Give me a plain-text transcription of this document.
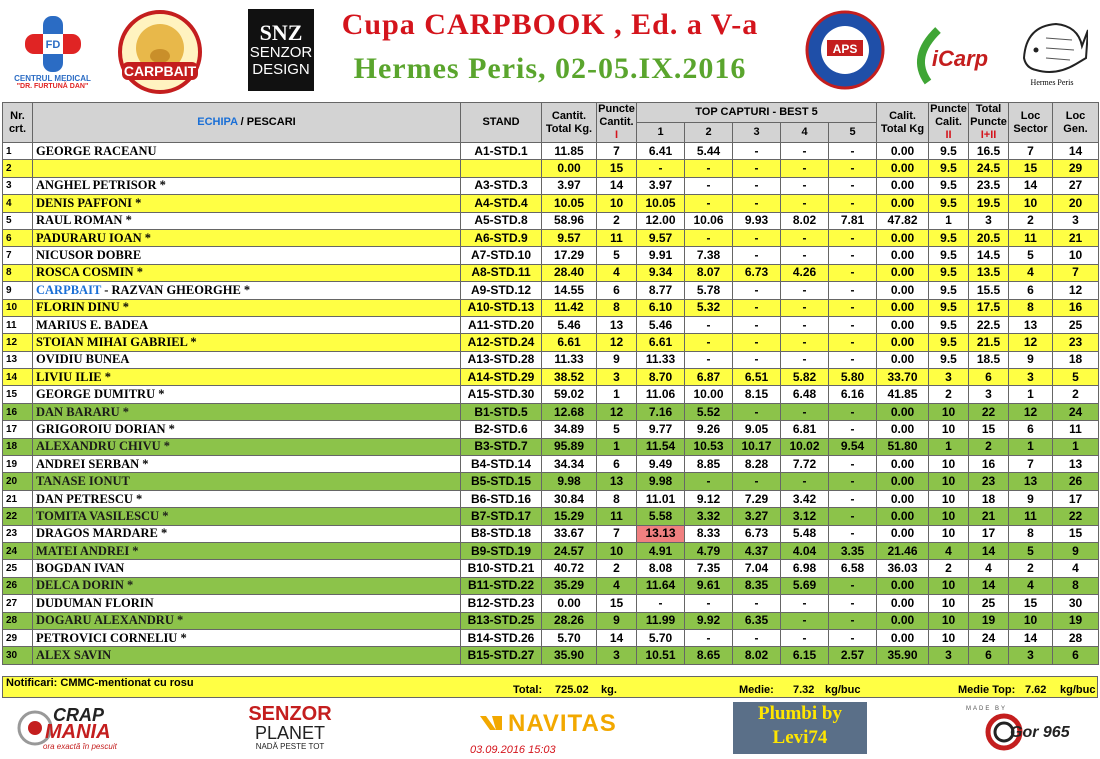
FD
CENTRUL MEDICAL
"DR. FURTUNĂ DAN"
CARPBAIT
SNZ
SENZOR
DESIGN
Cupa CARPBOOK , Ed. a V-a
Hermes Peris, 02-05.IX.2016
APS	iCarp
Hermes Peris
Nr. crt.	ECHIPA / PESCARI	STAND	Cantit. Total Kg.	Puncte Cantit.
I	TOP CAPTURI - BEST 5					Calit. Total Kg	Puncte Calit.
II	Total Puncte
I+II	Loc Sector	Loc Gen.
					1	2	3	4	5					
1	GEORGE RACEANU	A1-STD.1	11.85	7	6.41	5.44	-	-	-	0.00	9.5	16.5	7	14
2			0.00	15	-	-	-	-	-	0.00	9.5	24.5	15	29
3	ANGHEL PETRISOR *	A3-STD.3	3.97	14	3.97	-	-	-	-	0.00	9.5	23.5	14	27
4	DENIS PAFFONI *	A4-STD.4	10.05	10	10.05	-	-	-	-	0.00	9.5	19.5	10	20
5	RAUL ROMAN *	A5-STD.8	58.96	2	12.00	10.06	9.93	8.02	7.81	47.82	1	3	2	3
6	PADURARU IOAN *	A6-STD.9	9.57	11	9.57	-	-	-	-	0.00	9.5	20.5	11	21
7	NICUSOR DOBRE	A7-STD.10	17.29	5	9.91	7.38	-	-	-	0.00	9.5	14.5	5	10
8	ROSCA COSMIN *	A8-STD.11	28.40	4	9.34	8.07	6.73	4.26	-	0.00	9.5	13.5	4	7
9	CARPBAIT - RAZVAN GHEORGHE *	A9-STD.12	14.55	6	8.77	5.78	-	-	-	0.00	9.5	15.5	6	12
10	FLORIN DINU *	A10-STD.13	11.42	8	6.10	5.32	-	-	-	0.00	9.5	17.5	8	16
11	MARIUS E. BADEA	A11-STD.20	5.46	13	5.46	-	-	-	-	0.00	9.5	22.5	13	25
12	STOIAN MIHAI GABRIEL *	A12-STD.24	6.61	12	6.61	-	-	-	-	0.00	9.5	21.5	12	23
13	OVIDIU BUNEA	A13-STD.28	11.33	9	11.33	-	-	-	-	0.00	9.5	18.5	9	18
14	LIVIU ILIE *	A14-STD.29	38.52	3	8.70	6.87	6.51	5.82	5.80	33.70	3	6	3	5
15	GEORGE DUMITRU *	A15-STD.30	59.02	1	11.06	10.00	8.15	6.48	6.16	41.85	2	3	1	2
16	DAN BARARU *	B1-STD.5	12.68	12	7.16	5.52	-	-	-	0.00	10	22	12	24
17	GRIGOROIU DORIAN *	B2-STD.6	34.89	5	9.77	9.26	9.05	6.81	-	0.00	10	15	6	11
18	ALEXANDRU CHIVU *	B3-STD.7	95.89	1	11.54	10.53	10.17	10.02	9.54	51.80	1	2	1	1
19	ANDREI SERBAN *	B4-STD.14	34.34	6	9.49	8.85	8.28	7.72	-	0.00	10	16	7	13
20	TANASE IONUT	B5-STD.15	9.98	13	9.98	-	-	-	-	0.00	10	23	13	26
21	DAN PETRESCU *	B6-STD.16	30.84	8	11.01	9.12	7.29	3.42	-	0.00	10	18	9	17
22	TOMITA VASILESCU *	B7-STD.17	15.29	11	5.58	3.32	3.27	3.12	-	0.00	10	21	11	22
23	DRAGOS MARDARE *	B8-STD.18	33.67	7	13.13	8.33	6.73	5.48	-	0.00	10	17	8	15
24	MATEI ANDREI *	B9-STD.19	24.57	10	4.91	4.79	4.37	4.04	3.35	21.46	4	14	5	9
25	BOGDAN IVAN	B10-STD.21	40.72	2	8.08	7.35	7.04	6.98	6.58	36.03	2	4	2	4
26	DELCA DORIN *	B11-STD.22	35.29	4	11.64	9.61	8.35	5.69	-	0.00	10	14	4	8
27	DUDUMAN FLORIN	B12-STD.23	0.00	15	-	-	-	-	-	0.00	10	25	15	30
28	DOGARU ALEXANDRU *	B13-STD.25	28.26	9	11.99	9.92	6.35	-	-	0.00	10	19	10	19
29	PETROVICI CORNELIU *	B14-STD.26	5.70	14	5.70	-	-	-	-	0.00	10	24	14	28
30	ALEX SAVIN	B15-STD.27	35.90	3	10.51	8.65	8.02	6.15	2.57	35.90	3	6	3	6
Notificari: CMMC-mentionat cu rosu
Total: 725.02 kg.	Medie: 7.32 kg/buc	Medie Top: 7.62 kg/buc
CRAP
MANIA
ora exactă în pescuit
SENZOR
PLANET
NADĂ PESTE TOT
NAVITAS	Plumbi by
Levi74
MADE BY
Gor 965
03.09.2016 15:03
